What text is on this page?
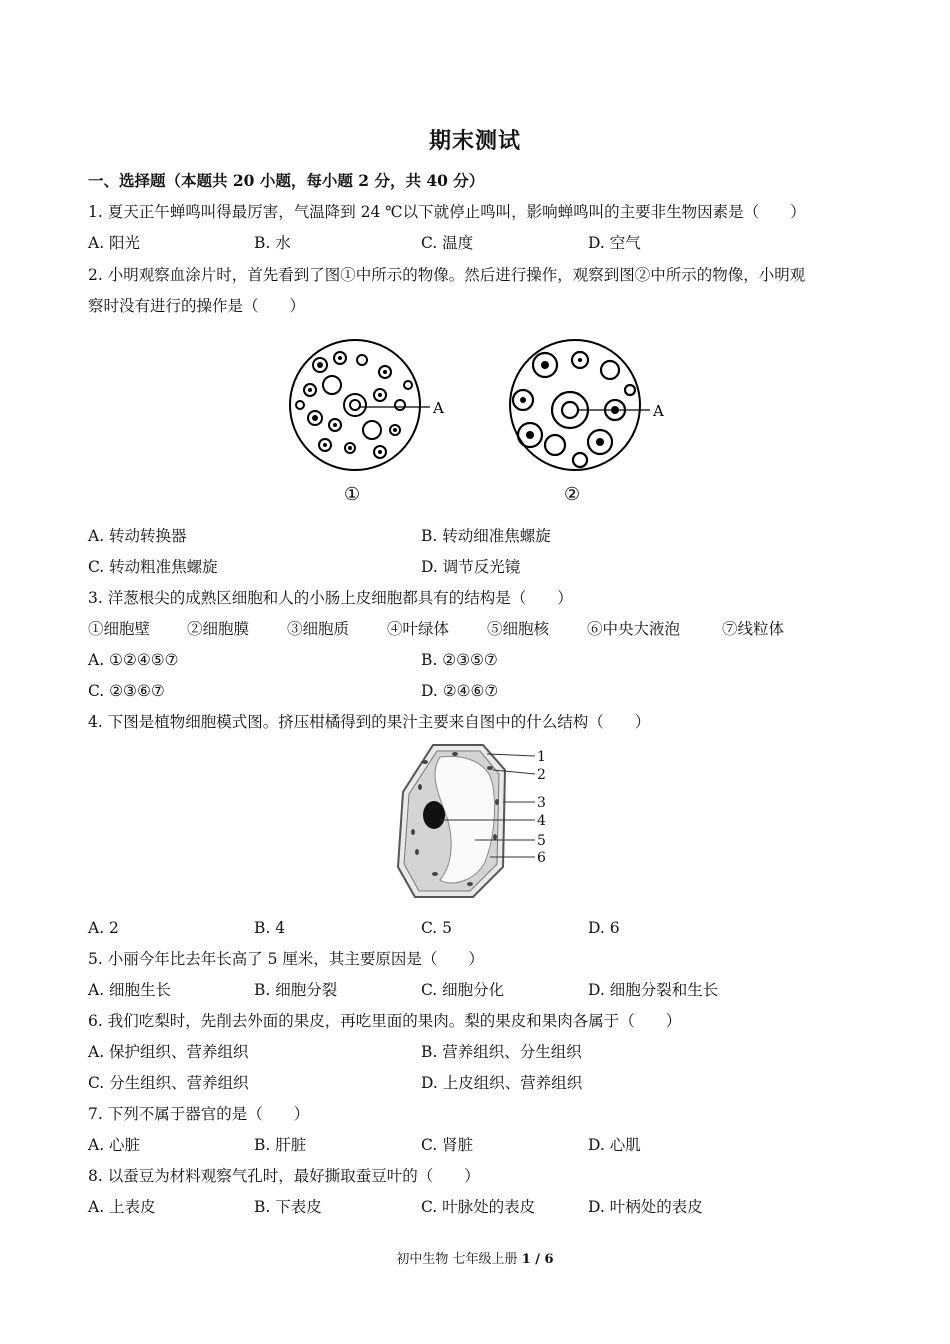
期末测试
一、选择题（本题共 20 小题，每小题 2 分，共 40 分）
1. 夏天正午蝉鸣叫得最厉害，气温降到 24 ℃以下就停止鸣叫，影响蝉鸣叫的主要非生物因素是（　　）
A. 阳光	B. 水	C. 温度	D. 空气
2. 小明观察血涂片时，首先看到了图①中所示的物像。然后进行操作，观察到图②中所示的物像，小明观
察时没有进行的操作是（　　）
A
①
A
②
A. 转动转换器	B. 转动细准焦螺旋
C. 转动粗准焦螺旋	D. 调节反光镜
3. 洋葱根尖的成熟区细胞和人的小肠上皮细胞都具有的结构是（　　）
①细胞壁 ②细胞膜 ③细胞质 ④叶绿体 ⑤细胞核 ⑥中央大液泡	⑦线粒体
A. ①②④⑤⑦	B. ②③⑤⑦
C. ②③⑥⑦	D. ②④⑥⑦
4. 下图是植物细胞模式图。挤压柑橘得到的果汁主要来自图中的什么结构（　　）
1
2
3
4
5
6
A. 2	B. 4	C. 5	D. 6
5. 小丽今年比去年长高了 5 厘米，其主要原因是（　　）
A. 细胞生长	B. 细胞分裂	C. 细胞分化	D. 细胞分裂和生长
6. 我们吃梨时，先削去外面的果皮，再吃里面的果肉。梨的果皮和果肉各属于（　　）
A. 保护组织、营养组织	B. 营养组织、分生组织
C. 分生组织、营养组织	D. 上皮组织、营养组织
7. 下列不属于器官的是（　　）
A. 心脏	B. 肝脏	C. 肾脏	D. 心肌
8. 以蚕豆为材料观察气孔时，最好撕取蚕豆叶的（　　）
A. 上表皮	B. 下表皮	C. 叶脉处的表皮	D. 叶柄处的表皮
初中生物 七年级上册 1 / 6
